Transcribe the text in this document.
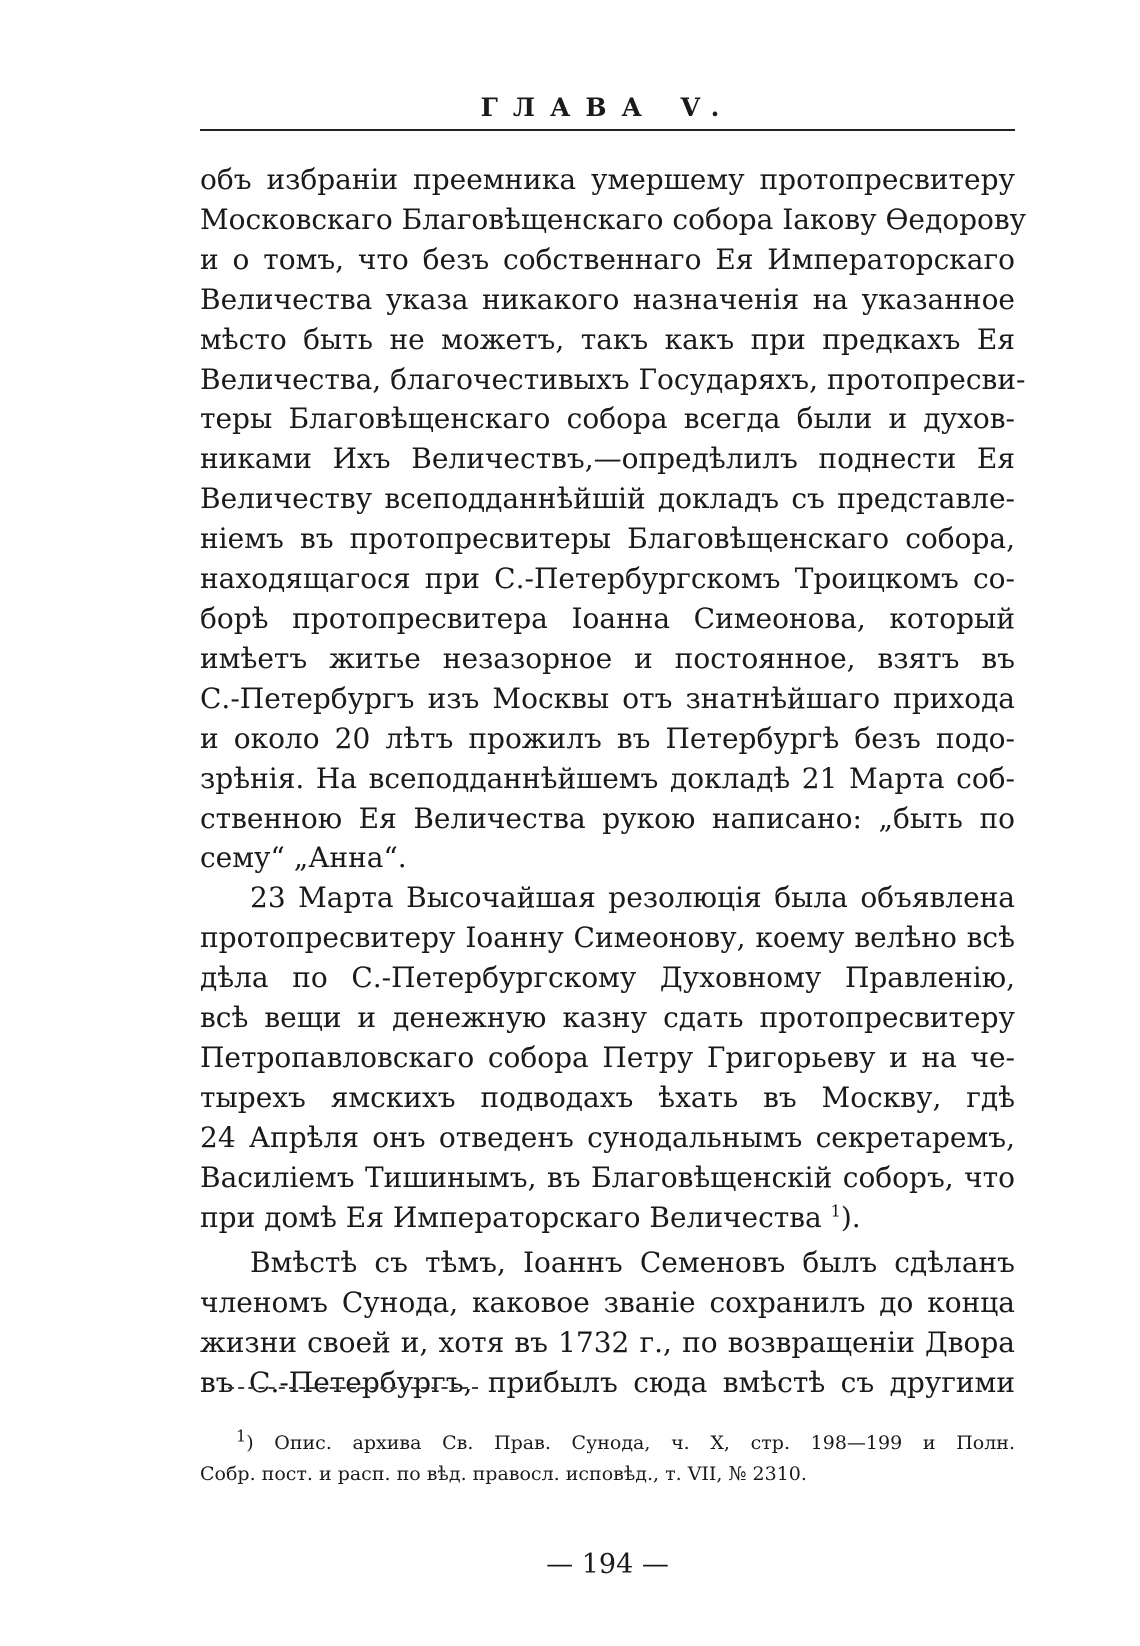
ГЛАВА V.
объ избраніи преемника умершему протопресвитеру
Московскаго Благовѣщенскаго собора Іакову Ѳедорову
и о томъ, что безъ собственнаго Ея Императорскаго
Величества указа никакого назначенія на указанное
мѣсто быть не можетъ, такъ какъ при предкахъ Ея
Величества, благочестивыхъ Государяхъ, протопресви-
теры Благовѣщенскаго собора всегда были и духов-
никами Ихъ Величествъ,—опредѣлилъ поднести Ея
Величеству всеподданнѣйшій докладъ съ представле-
ніемъ въ протопресвитеры Благовѣщенскаго собора,
находящагося при С.-Петербургскомъ Троицкомъ со-
борѣ протопресвитера Іоанна Симеонова, который
имѣетъ житье незазорное и постоянное, взятъ въ
С.-Петербургъ изъ Москвы отъ знатнѣйшаго прихода
и около 20 лѣтъ прожилъ въ Петербургѣ безъ подо-
зрѣнія. На всеподданнѣйшемъ докладѣ 21 Марта соб-
ственною Ея Величества рукою написано: „быть по
сему“ „Анна“.
23 Марта Высочайшая резолюція была объявлена
протопресвитеру Іоанну Симеонову, коему велѣно всѣ
дѣла по С.-Петербургскому Духовному Правленію,
всѣ вещи и денежную казну сдать протопресвитеру
Петропавловскаго собора Петру Григорьеву и на че-
тырехъ ямскихъ подводахъ ѣхать въ Москву, гдѣ
24 Апрѣля онъ отведенъ сунодальнымъ секретаремъ,
Василіемъ Тишинымъ, въ Благовѣщенскій соборъ, что
при домѣ Ея Императорскаго Величества $^1$).
Вмѣстѣ съ тѣмъ, Іоаннъ Семеновъ былъ сдѣланъ
членомъ Сунода, каковое званіе сохранилъ до конца
жизни своей и, хотя въ 1732 г., по возвращеніи Двора
въ С.-Петербургъ, прибылъ сюда вмѣстѣ съ другими
$^1$) Опис. архива Св. Прав. Сунода, ч. X, стр. 198—199 и Полн.
Собр. пост. и расп. по вѣд. правосл. исповѣд., т. VII, № 2310.
— 194 —
